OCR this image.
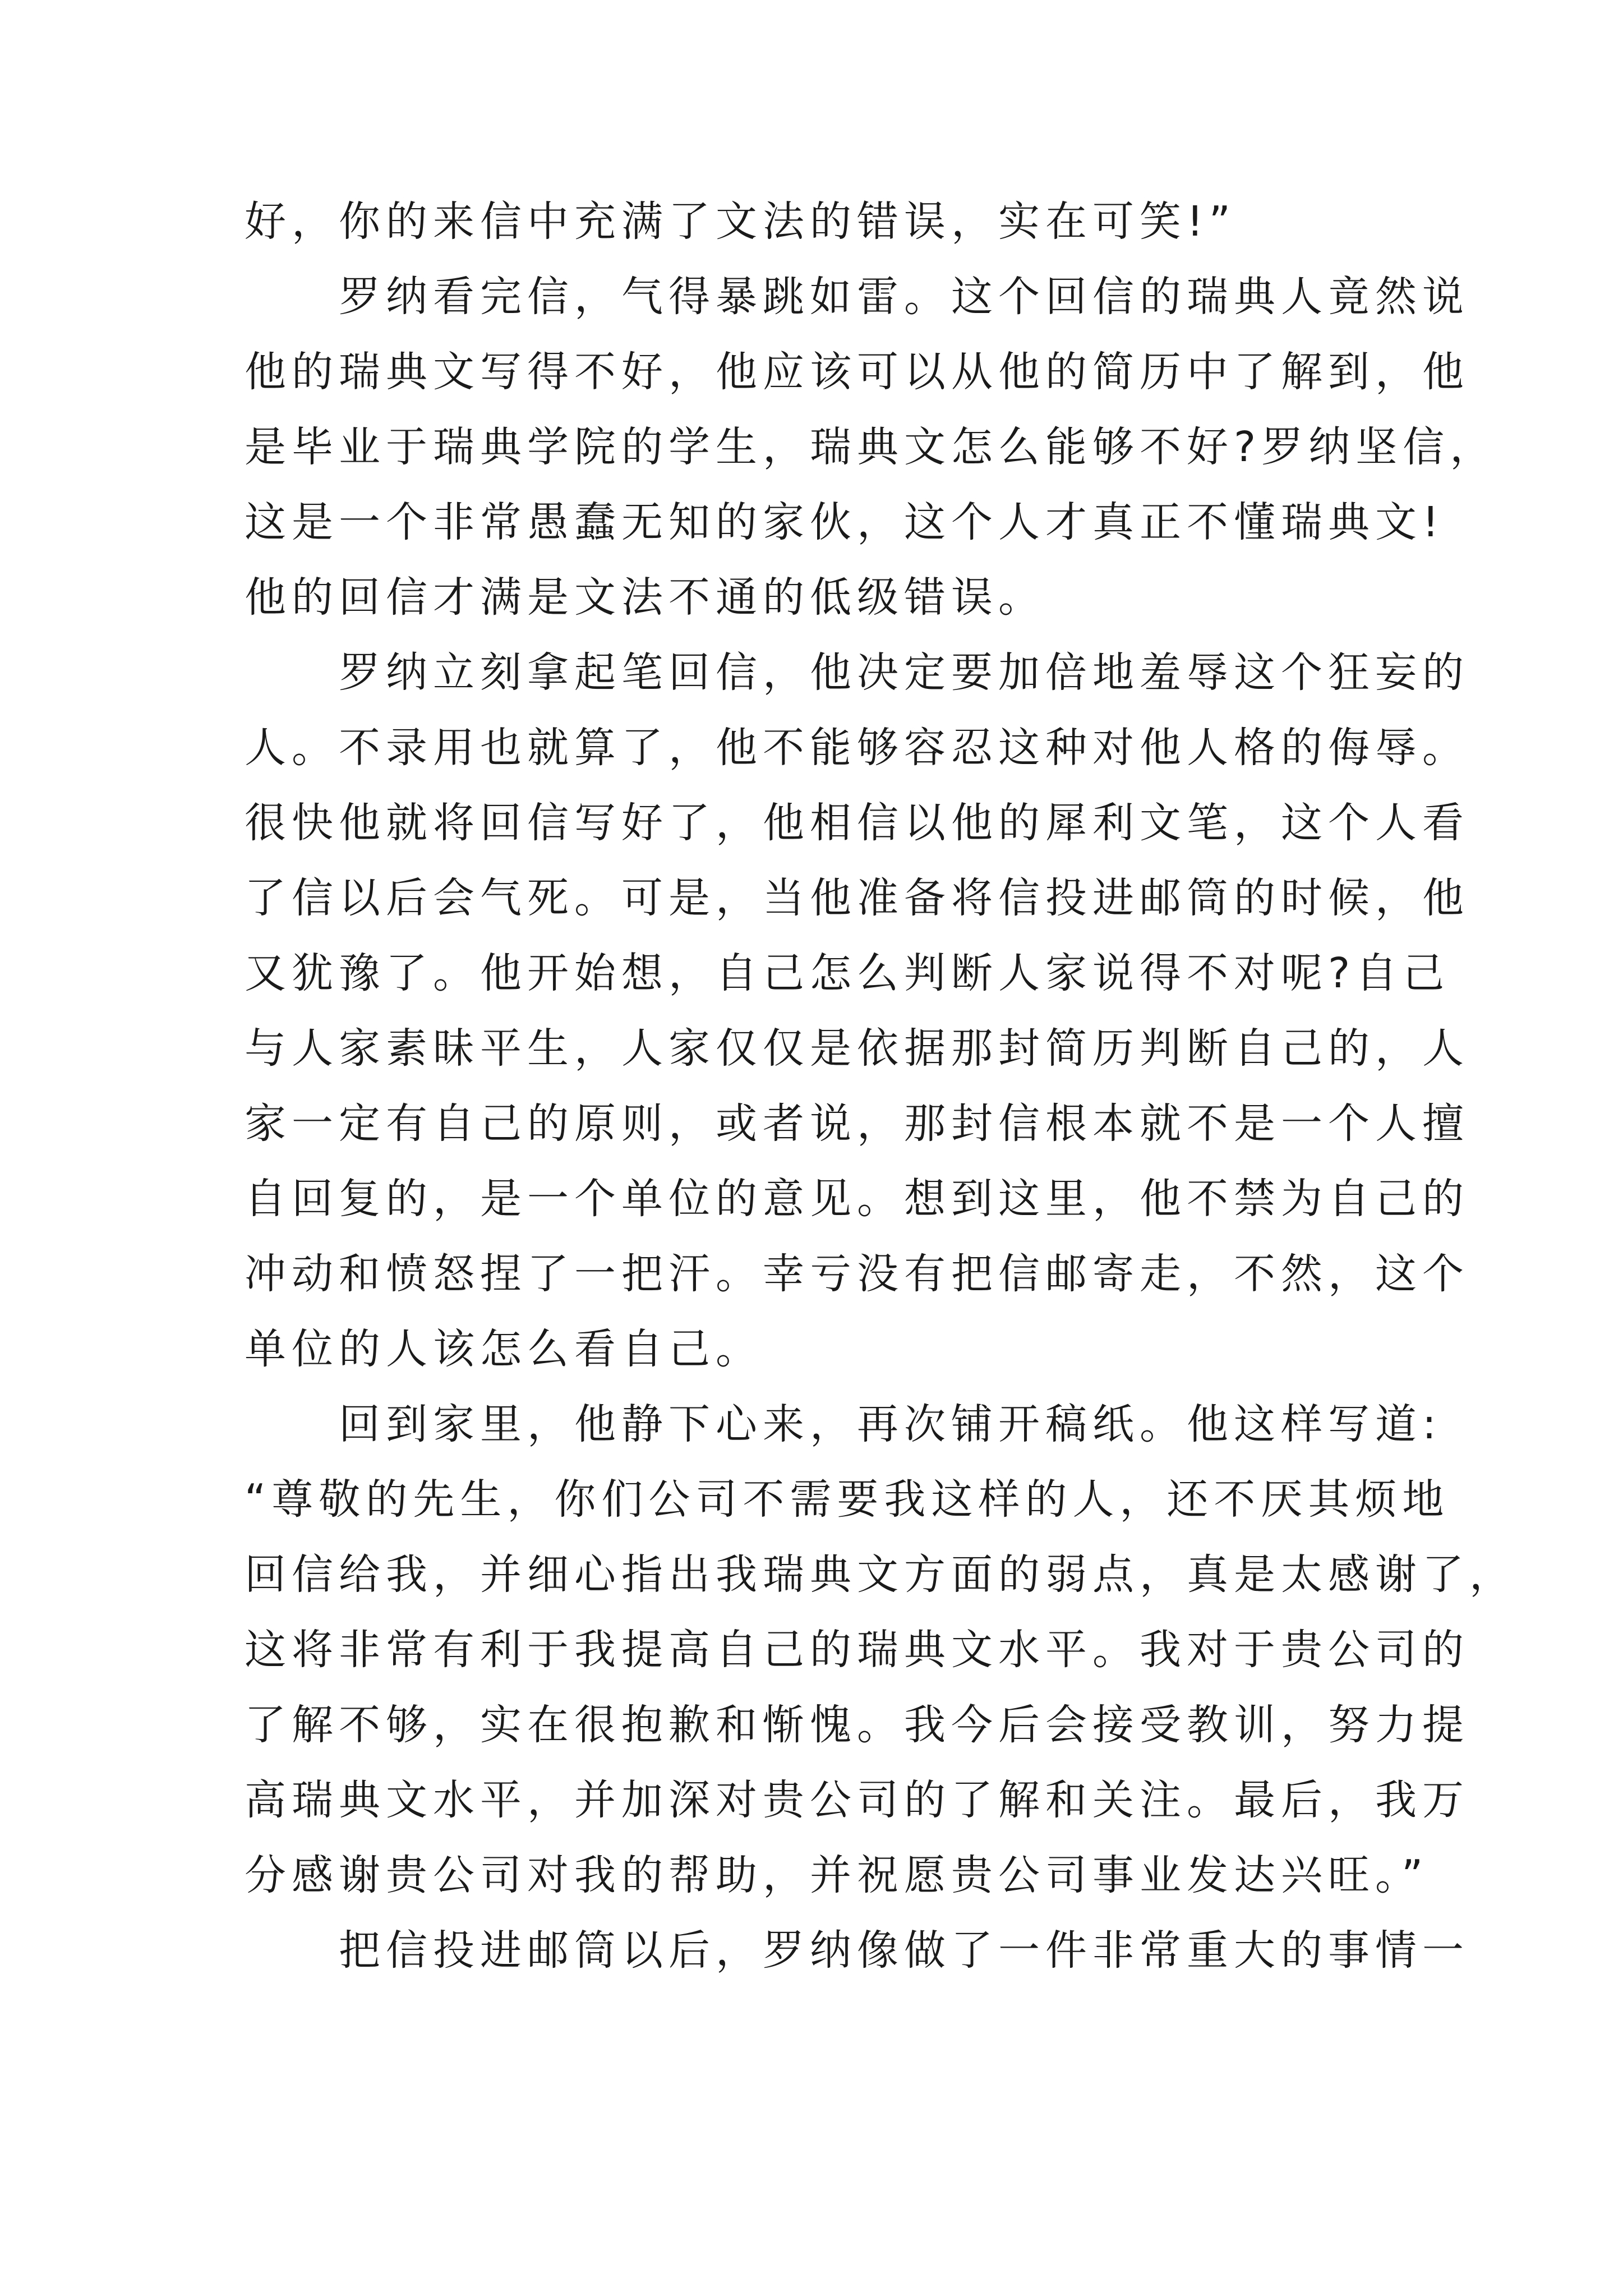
好，你的来信中充满了文法的错误，实在可笑!”
罗纳看完信，气得暴跳如雷。这个回信的瑞典人竟然说
他的瑞典文写得不好，他应该可以从他的简历中了解到，他
是毕业于瑞典学院的学生，瑞典文怎么能够不好?罗纳坚信，
这是一个非常愚蠢无知的家伙，这个人才真正不懂瑞典文!
他的回信才满是文法不通的低级错误。
罗纳立刻拿起笔回信，他决定要加倍地羞辱这个狂妄的
人。不录用也就算了，他不能够容忍这种对他人格的侮辱。
很快他就将回信写好了，他相信以他的犀利文笔，这个人看
了信以后会气死。可是，当他准备将信投进邮筒的时候，他
又犹豫了。他开始想，自己怎么判断人家说得不对呢?自己
与人家素昧平生，人家仅仅是依据那封简历判断自己的，人
家一定有自己的原则，或者说，那封信根本就不是一个人擅
自回复的，是一个单位的意见。想到这里，他不禁为自己的
冲动和愤怒捏了一把汗。幸亏没有把信邮寄走，不然，这个
单位的人该怎么看自己。
回到家里，他静下心来，再次铺开稿纸。他这样写道:
“尊敬的先生，你们公司不需要我这样的人，还不厌其烦地
回信给我，并细心指出我瑞典文方面的弱点，真是太感谢了，
这将非常有利于我提高自己的瑞典文水平。我对于贵公司的
了解不够，实在很抱歉和惭愧。我今后会接受教训，努力提
高瑞典文水平，并加深对贵公司的了解和关注。最后，我万
分感谢贵公司对我的帮助，并祝愿贵公司事业发达兴旺。”
把信投进邮筒以后，罗纳像做了一件非常重大的事情一
